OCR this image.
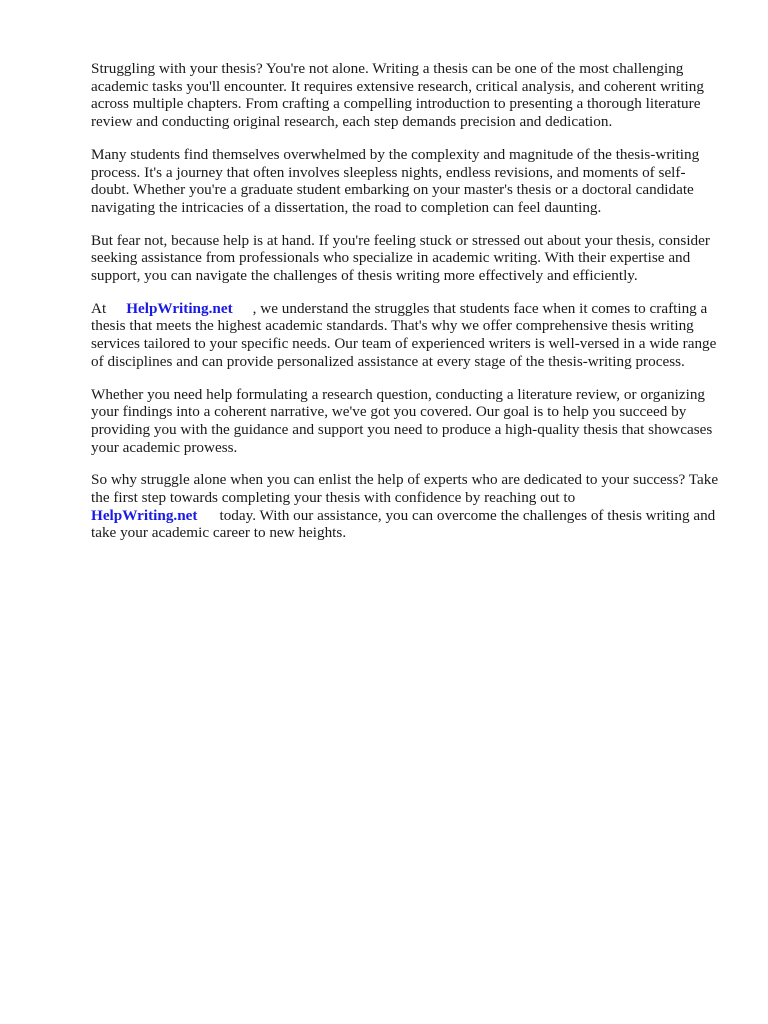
Struggling with your thesis? You're not alone. Writing a thesis can be one of the most challenging academic tasks you'll encounter. It requires extensive research, critical analysis, and coherent writing across multiple chapters. From crafting a compelling introduction to presenting a thorough literature review and conducting original research, each step demands precision and dedication.

Many students find themselves overwhelmed by the complexity and magnitude of the thesis-writing process. It's a journey that often involves sleepless nights, endless revisions, and moments of self-doubt. Whether you're a graduate student embarking on your master's thesis or a doctoral candidate navigating the intricacies of a dissertation, the road to completion can feel daunting.

But fear not, because help is at hand. If you're feeling stuck or stressed out about your thesis, consider seeking assistance from professionals who specialize in academic writing. With their expertise and support, you can navigate the challenges of thesis writing more effectively and efficiently.

At HelpWriting.net , we understand the struggles that students face when it comes to crafting a thesis that meets the highest academic standards. That's why we offer comprehensive thesis writing services tailored to your specific needs. Our team of experienced writers is well-versed in a wide range of disciplines and can provide personalized assistance at every stage of the thesis-writing process.

Whether you need help formulating a research question, conducting a literature review, or organizing your findings into a coherent narrative, we've got you covered. Our goal is to help you succeed by providing you with the guidance and support you need to produce a high-quality thesis that showcases your academic prowess.

So why struggle alone when you can enlist the help of experts who are dedicated to your success? Take the first step towards completing your thesis with confidence by reaching out to HelpWriting.net today. With our assistance, you can overcome the challenges of thesis writing and take your academic career to new heights.
